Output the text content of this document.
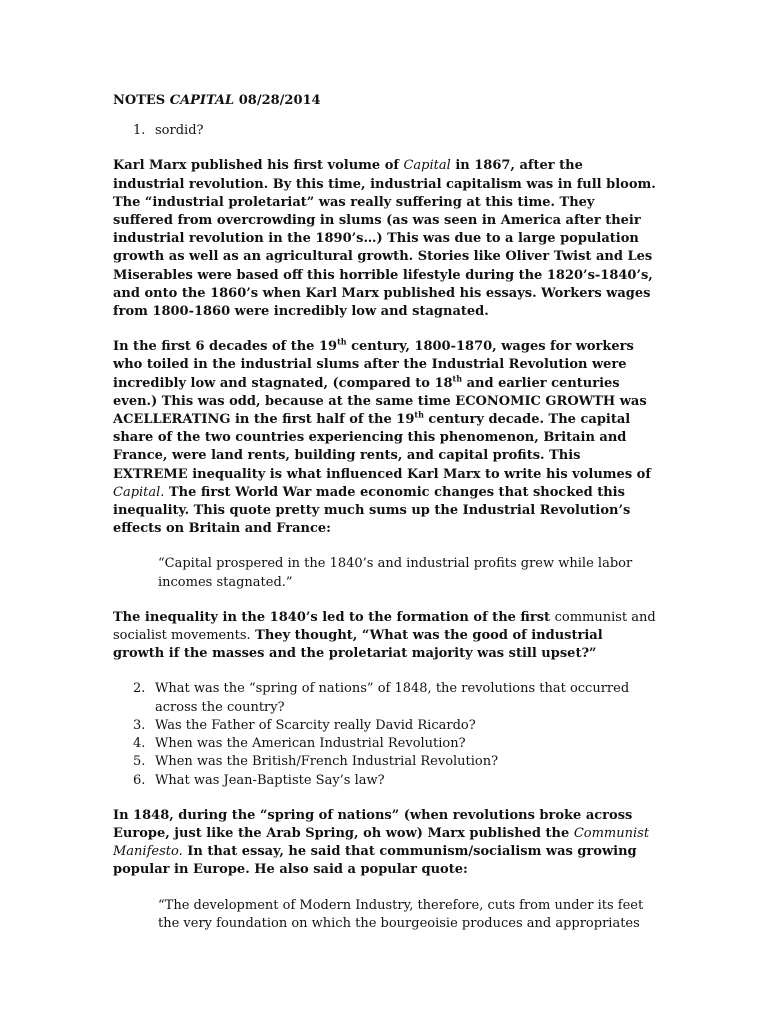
NOTES CAPITAL 08/28/2014
1. sordid?

Karl Marx published his first volume of Capital in 1867, after the industrial revolution. By this time, industrial capitalism was in full bloom. The “industrial proletariat” was really suffering at this time. They suffered from overcrowding in slums (as was seen in America after their industrial revolution in the 1890’s…) This was due to a large population growth as well as an agricultural growth. Stories like Oliver Twist and Les Miserables were based off this horrible lifestyle during the 1820’s-1840’s, and onto the 1860’s when Karl Marx published his essays. Workers wages from 1800-1860 were incredibly low and stagnated.

In the first 6 decades of the 19th century, 1800-1870, wages for workers who toiled in the industrial slums after the Industrial Revolution were incredibly low and stagnated, (compared to 18th and earlier centuries even.) This was odd, because at the same time ECONOMIC GROWTH was ACELLERATING in the first half of the 19th century decade. The capital share of the two countries experiencing this phenomenon, Britain and France, were land rents, building rents, and capital profits. This EXTREME inequality is what influenced Karl Marx to write his volumes of Capital. The first World War made economic changes that shocked this inequality. This quote pretty much sums up the Industrial Revolution’s effects on Britain and France:

“Capital prospered in the 1840’s and industrial profits grew while labor incomes stagnated.”

The inequality in the 1840’s led to the formation of the first communist and socialist movements. They thought, “What was the good of industrial growth if the masses and the proletariat majority was still upset?”

2. What was the “spring of nations” of 1848, the revolutions that occurred across the country?
3. Was the Father of Scarcity really David Ricardo?
4. When was the American Industrial Revolution?
5. When was the British/French Industrial Revolution?
6. What was Jean-Baptiste Say’s law?

In 1848, during the “spring of nations” (when revolutions broke across Europe, just like the Arab Spring, oh wow) Marx published the Communist Manifesto. In that essay, he said that communism/socialism was growing popular in Europe. He also said a popular quote:

“The development of Modern Industry, therefore, cuts from under its feet the very foundation on which the bourgeoisie produces and appropriates
